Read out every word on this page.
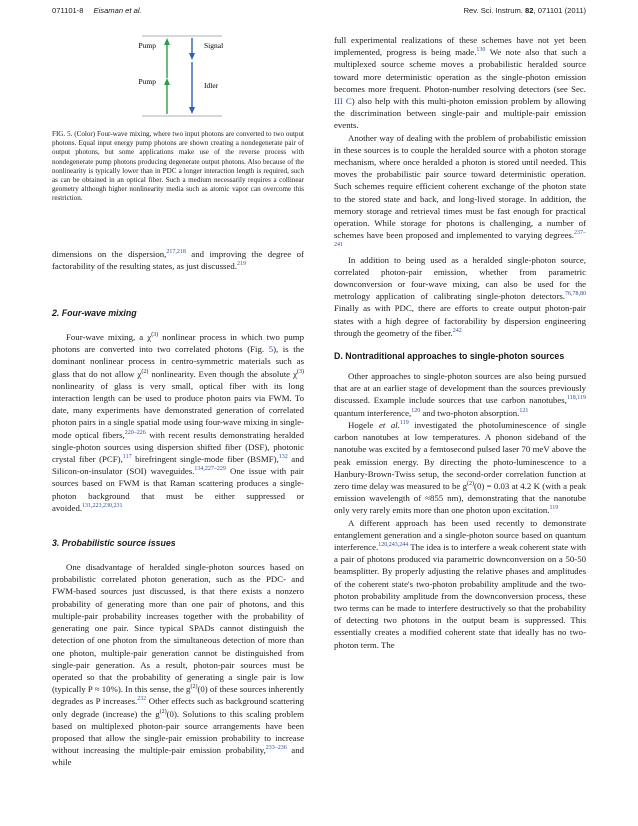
071101-8 Eisaman et al.	Rev. Sci. Instrum. 82, 071101 (2011)
Pump
Pump
Signal
Idler
FIG. 5. (Color) Four-wave mixing, where two input photons are converted to two output photons. Equal input energy pump photons are shown creating a nondegenerate pair of output photons, but some applications make use of the reverse process with nondegenerate pump photons producing degenerate output photons. Also because of the nonlinearity is typically lower than in PDC a longer interaction length is required, such as can be obtained in an optical fiber. Such a medium necessarily requires a collinear geometry although higher nonlinearity media such as atomic vapor can overcome this restriction.

dimensions on the dispersion,$^{217,218}$ and improving the degree of factorability of the resulting states, as just discussed.$^{219}$

2. Four-wave mixing

Four-wave mixing, a $\chi^{(3)}$ nonlinear process in which two pump photons are converted into two correlated photons (Fig. 5), is the dominant nonlinear process in centro-symmetric materials such as glass that do not allow $\chi^{(2)}$ nonlinearity. Even though the absolute $\chi^{(3)}$ nonlinearity of glass is very small, optical fiber with its long interaction length can be used to produce photon pairs via FWM. To date, many experiments have demonstrated generation of correlated photon pairs in a single spatial mode using four-wave mixing in single-mode optical fibers,$^{220-226}$ with recent results demonstrating heralded single-photon sources using dispersion shifted fiber (DSF), photonic crystal fiber (PCF),$^{117}$ birefringent single-mode fiber (BSMF),$^{132}$ and Silicon-on-insulator (SOI) waveguides.$^{134,227-229}$ One issue with pair sources based on FWM is that Raman scattering produces a single-photon background that must be either suppressed or avoided.$^{131,223,230,231}$

3. Probabilistic source issues

One disadvantage of heralded single-photon sources based on probabilistic correlated photon generation, such as the PDC- and FWM-based sources just discussed, is that there exists a nonzero probability of generating more than one pair of photons, and this multiple-pair probability increases together with the probability of generating one pair. Since typical SPADs cannot distinguish the detection of one photon from the simultaneous detection of more than one photon, multiple-pair generation cannot be distinguished from single-pair generation. As a result, photon-pair sources must be operated so that the probability of generating a single pair is low (typically P ≈ 10%). In this sense, the $g^{(2)}(0)$ of these sources inherently degrades as P increases.$^{232}$ Other effects such as background scattering only degrade (increase) the $g^{(2)}(0)$. Solutions to this scaling problem based on multiplexed photon-pair source arrangements have been proposed that allow the single-pair emission probability to increase without increasing the multiple-pair emission probability,$^{233-236}$ and while

full experimental realizations of these schemes have not yet been implemented, progress is being made.$^{130}$ We note also that such a multiplexed source scheme moves a probabilistic heralded source toward more deterministic operation as the single-photon emission becomes more frequent. Photon-number resolving detectors (see Sec. III C) also help with this multi-photon emission problem by allowing the discrimination between single-pair and multiple-pair emission events.

Another way of dealing with the problem of probabilistic emission in these sources is to couple the heralded source with a photon storage mechanism, where once heralded a photon is stored until needed. This moves the probabilistic pair source toward deterministic operation. Such schemes require efficient coherent exchange of the photon state to the stored state and back, and long-lived storage. In addition, the memory storage and retrieval times must be fast enough for practical operation. While storage for photons is challenging, a number of schemes have been proposed and implemented to varying degrees.$^{237-241}$

In addition to being used as a heralded single-photon source, correlated photon-pair emission, whether from parametric downconversion or four-wave mixing, can also be used for the metrology application of calibrating single-photon detectors.$^{76,78,80}$ Finally as with PDC, there are efforts to create output photon-pair states with a high degree of factorability by dispersion engineering through the geometry of the fiber.$^{242}$

D. Nontraditional approaches to single-photon sources

Other approaches to single-photon sources are also being pursued that are at an earlier stage of development than the sources previously discussed. Example include sources that use carbon nanotubes,$^{118,119}$ quantum interference,$^{120}$ and two-photon absorption.$^{121}$

Hogele et al.$^{119}$ investigated the photoluminescence of single carbon nanotubes at low temperatures. A phonon sideband of the nanotube was excited by a femtosecond pulsed laser 70 meV above the peak emission energy. By directing the photo-luminescence to a Hanbury-Brown-Twiss setup, the second-order correlation function at zero time delay was measured to be $g^{(2)}(0) = 0.03$ at 4.2 K (with a peak emission wavelength of ≈855 nm), demonstrating that the nanotube only very rarely emits more than one photon upon excitation.$^{119}$

A different approach has been used recently to demonstrate entanglement generation and a single-photon source based on quantum interference.$^{120,243,244}$ The idea is to interfere a weak coherent state with a pair of photons produced via parametric downconversion on a 50-50 beamsplitter. By properly adjusting the relative phases and amplitudes of the coherent state's two-photon probability amplitude and the two-photon probability amplitude from the downconversion process, these two terms can be made to interfere destructively so that the probability of detecting two photons in the output beam is suppressed. This essentially creates a modified coherent state that ideally has no two-photon term. The
